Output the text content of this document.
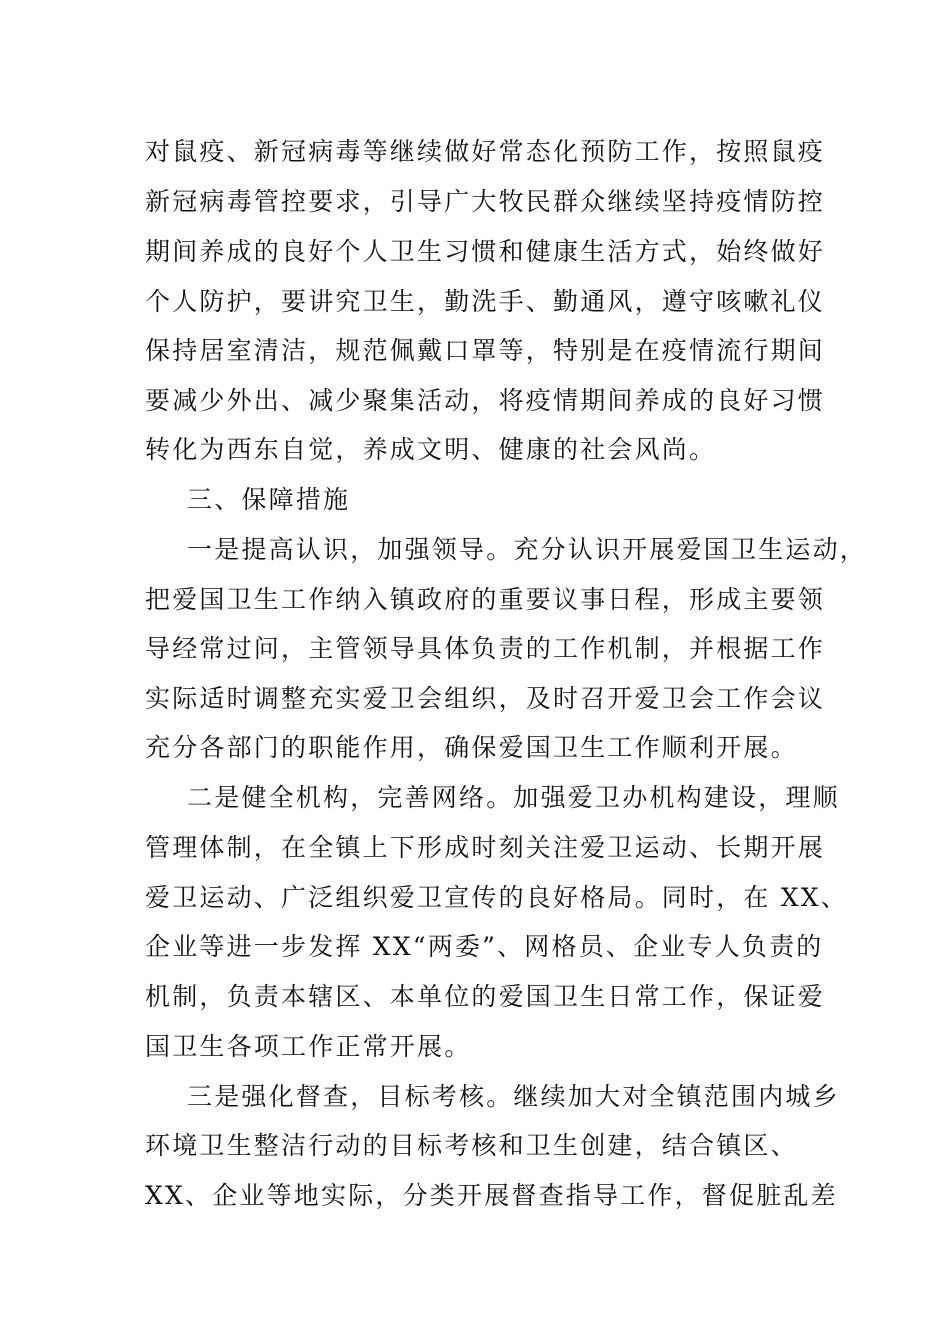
对鼠疫、新冠病毒等继续做好常态化预防工作，按照鼠疫
新冠病毒管控要求，引导广大牧民群众继续坚持疫情防控
期间养成的良好个人卫生习惯和健康生活方式，始终做好
个人防护，要讲究卫生，勤洗手、勤通风，遵守咳嗽礼仪
保持居室清洁，规范佩戴口罩等，特别是在疫情流行期间
要减少外出、减少聚集活动，将疫情期间养成的良好习惯
转化为西东自觉，养成文明、健康的社会风尚。
三、保障措施
一是提高认识，加强领导。充分认识开展爱国卫生运动，
把爱国卫生工作纳入镇政府的重要议事日程，形成主要领
导经常过问，主管领导具体负责的工作机制，并根据工作
实际适时调整充实爱卫会组织，及时召开爱卫会工作会议
充分各部门的职能作用，确保爱国卫生工作顺利开展。
二是健全机构，完善网络。加强爱卫办机构建设，理顺
管理体制，在全镇上下形成时刻关注爱卫运动、长期开展
爱卫运动、广泛组织爱卫宣传的良好格局。同时，在 XX、
企业等进一步发挥 XX“两委”、网格员、企业专人负责的
机制，负责本辖区、本单位的爱国卫生日常工作，保证爱
国卫生各项工作正常开展。
三是强化督查，目标考核。继续加大对全镇范围内城乡
环境卫生整洁行动的目标考核和卫生创建，结合镇区、
XX、企业等地实际，分类开展督查指导工作，督促脏乱差
